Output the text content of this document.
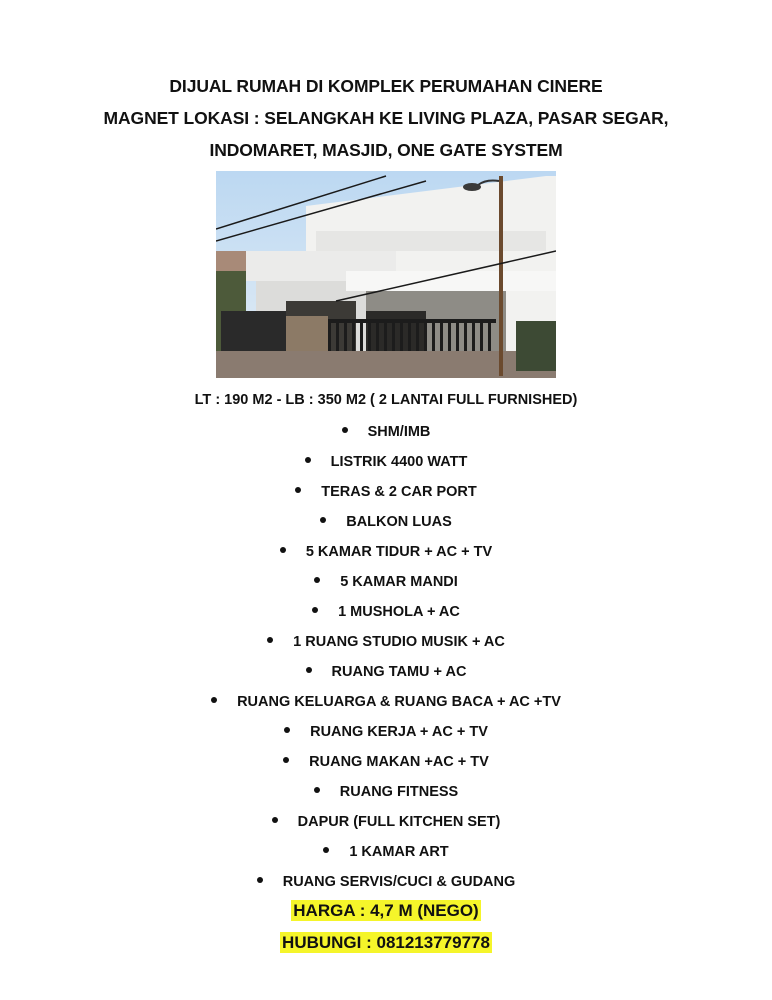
DIJUAL RUMAH DI KOMPLEK PERUMAHAN CINERE
MAGNET LOKASI : SELANGKAH KE LIVING PLAZA, PASAR SEGAR,
INDOMARET, MASJID, ONE GATE SYSTEM
LT : 190 M2 - LB : 350 M2 ( 2 LANTAI FULL FURNISHED)
SHM/IMB
LISTRIK 4400 WATT
TERAS & 2 CAR PORT
BALKON LUAS
5 KAMAR TIDUR + AC + TV
5 KAMAR MANDI
1 MUSHOLA + AC
1 RUANG STUDIO MUSIK + AC
RUANG TAMU + AC
RUANG KELUARGA & RUANG BACA + AC +TV
RUANG KERJA + AC + TV
RUANG MAKAN +AC + TV
RUANG FITNESS
DAPUR (FULL KITCHEN SET)
1 KAMAR ART
RUANG SERVIS/CUCI & GUDANG
HARGA : 4,7 M (NEGO)
HUBUNGI : 081213779778
